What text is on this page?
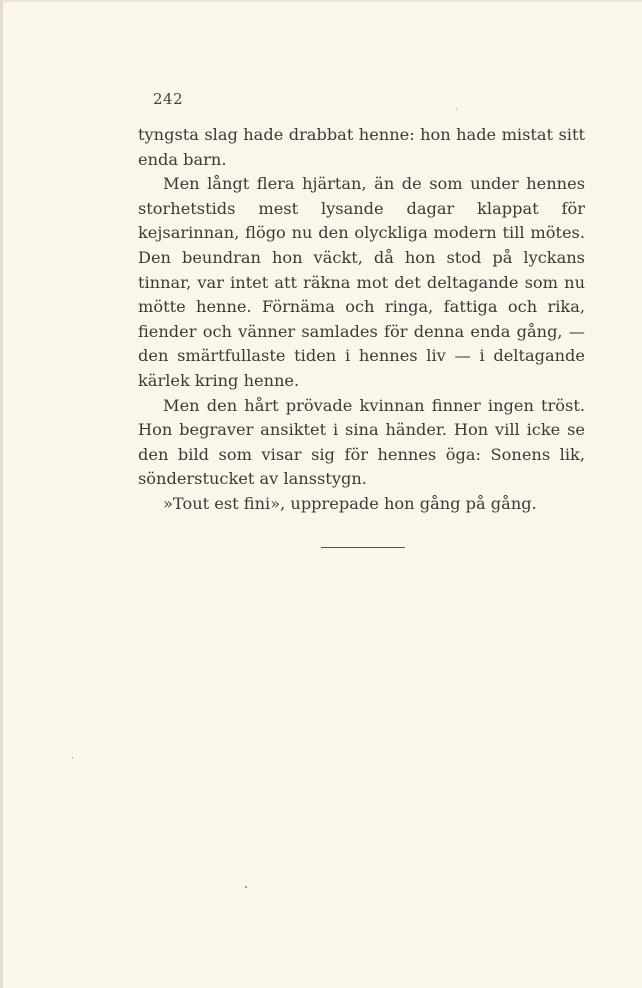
242

tyngsta slag hade drabbat henne: hon hade mistat sitt enda barn.

Men långt flera hjärtan, än de som under hennes storhetstids mest lysande dagar klappat för kejsarinnan, flögo nu den olyckliga modern till mötes. Den beundran hon väckt, då hon stod på lyckans tinnar, var intet att räkna mot det deltagande som nu mötte henne. Förnäma och ringa, fattiga och rika, fiender och vänner samlades för denna enda gång, — den smärtfullaste tiden i hennes liv — i deltagande kärlek kring henne.

Men den hårt prövade kvinnan finner ingen tröst. Hon begraver ansiktet i sina händer. Hon vill icke se den bild som visar sig för hennes öga: Sonens lik, sönderstucket av lansstygn.

»Tout est fini», upprepade hon gång på gång.
